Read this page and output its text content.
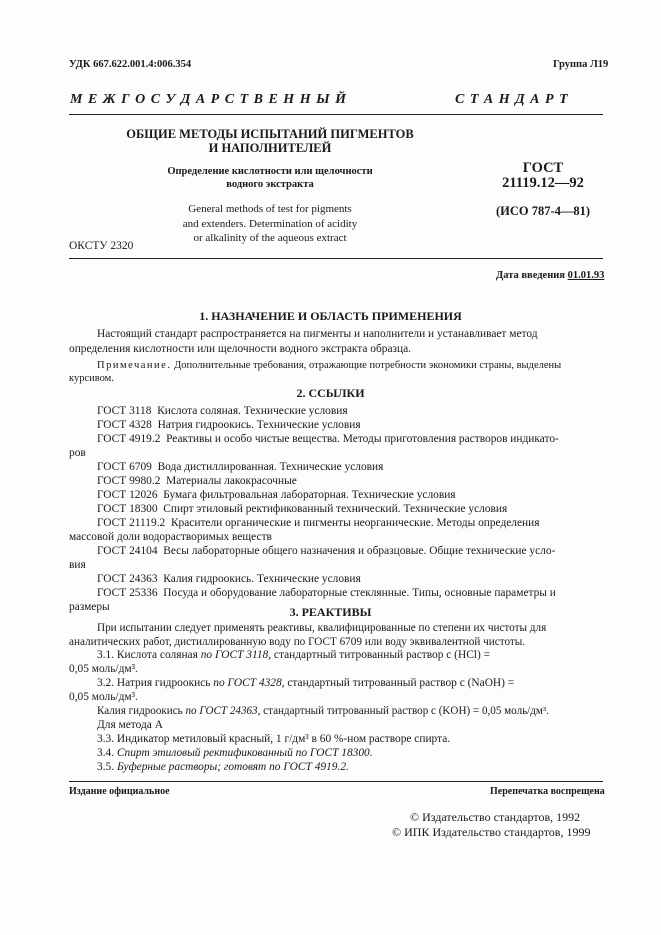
УДК 667.622.001.4:006.354	Группа Л19
М Е Ж Г О С У Д А Р С Т В Е Н Н Ы Й	С Т А Н Д А Р Т
ОБЩИЕ МЕТОДЫ ИСПЫТАНИЙ ПИГМЕНТОВ
И НАПОЛНИТЕЛЕЙ
Определение кислотности или щелочности
водного экстракта
General methods of test for pigments
and extenders. Determination of acidity
or alkalinity of the aqueous extract
ОКСТУ 2320
ГОСТ
21119.12—92
(ИСО 787-4—81)
Дата введения 01.01.93
1. НАЗНАЧЕНИЕ И ОБЛАСТЬ ПРИМЕНЕНИЯ
Настоящий стандарт распространяется на пигменты и наполнители и устанавливает метод
определения кислотности или щелочности водного экстракта образца.
Примечание. Дополнительные требования, отражающие потребности экономики страны, выделены
курсивом.
2. ССЫЛКИ
ГОСТ 3118 Кислота соляная. Технические условия
ГОСТ 4328 Натрия гидроокись. Технические условия
ГОСТ 4919.2 Реактивы и особо чистые вещества. Методы приготовления растворов индикато-
ров
ГОСТ 6709 Вода дистиллированная. Технические условия
ГОСТ 9980.2 Материалы лакокрасочные
ГОСТ 12026 Бумага фильтровальная лабораторная. Технические условия
ГОСТ 18300 Спирт этиловый ректификованный технический. Технические условия
ГОСТ 21119.2 Красители органические и пигменты неорганические. Методы определения
массовой доли водорастворимых веществ
ГОСТ 24104 Весы лабораторные общего назначения и образцовые. Общие технические усло-
вия
ГОСТ 24363 Калия гидроокись. Технические условия
ГОСТ 25336 Посуда и оборудование лабораторные стеклянные. Типы, основные параметры и
размеры	3. РЕАКТИВЫ
При испытании следует применять реактивы, квалифицированные по степени их чистоты для
аналитических работ, дистиллированную воду по ГОСТ 6709 или воду эквивалентной чистоты.
3.1. Кислота соляная по ГОСТ 3118, стандартный титрованный раствор c (HCl) =
0,05 моль/дм³.
3.2. Натрия гидроокись по ГОСТ 4328, стандартный титрованный раствор c (NaOH) =
0,05 моль/дм³.
Калия гидроокись по ГОСТ 24363, стандартный титрованный раствор c (KOH) = 0,05 моль/дм³.
Для метода А
3.3. Индикатор метиловый красный, 1 г/дм³ в 60 %-ном растворе спирта.
3.4. Спирт этиловый ректификованный по ГОСТ 18300.
3.5. Буферные растворы; готовят по ГОСТ 4919.2.
Издание официальное	Перепечатка воспрещена
© Издательство стандартов, 1992
© ИПК Издательство стандартов, 1999
